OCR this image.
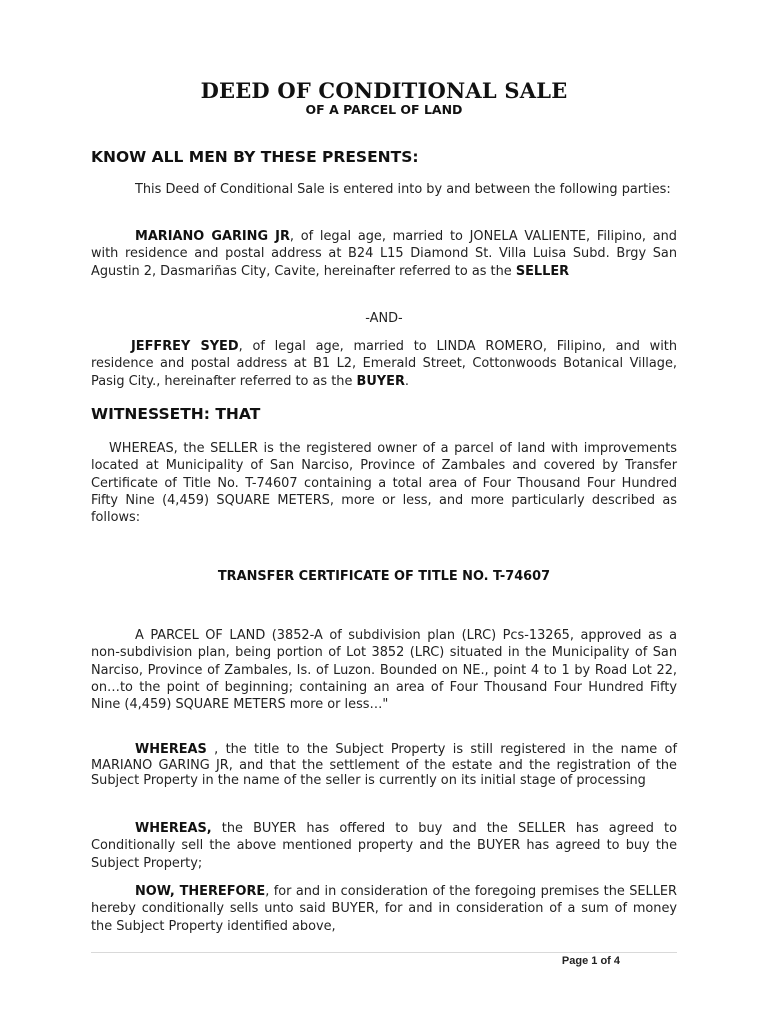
DEED OF CONDITIONAL SALE
OF A PARCEL OF LAND
KNOW ALL MEN BY THESE PRESENTS:

This Deed of Conditional Sale is entered into by and between the following parties:

MARIANO GARING JR, of legal age, married to JONELA VALIENTE, Filipino, and with residence and postal address at B24 L15 Diamond St. Villa Luisa Subd. Brgy San Agustin 2, Dasmariñas City, Cavite, hereinafter referred to as the SELLER

-AND-

JEFFREY SYED, of legal age, married to LINDA ROMERO, Filipino, and with residence and postal address at B1 L2, Emerald Street, Cottonwoods Botanical Village, Pasig City., hereinafter referred to as the BUYER.

WITNESSETH: THAT

WHEREAS, the SELLER is the registered owner of a parcel of land with improvements located at Municipality of San Narciso, Province of Zambales and covered by Transfer Certificate of Title No. T-74607 containing a total area of Four Thousand Four Hundred Fifty Nine (4,459) SQUARE METERS, more or less, and more particularly described as follows:

TRANSFER CERTIFICATE OF TITLE NO. T-74607

A PARCEL OF LAND (3852-A of subdivision plan (LRC) Pcs-13265, approved as a non-subdivision plan, being portion of Lot 3852 (LRC) situated in the Municipality of San Narciso, Province of Zambales, Is. of Luzon. Bounded on NE., point 4 to 1 by Road Lot 22, on…to the point of beginning; containing an area of Four Thousand Four Hundred Fifty Nine (4,459) SQUARE METERS more or less…"

WHEREAS , the title to the Subject Property is still registered in the name of MARIANO GARING JR, and that the settlement of the estate and the registration of the Subject Property in the name of the seller is currently on its initial stage of processing

WHEREAS, the BUYER has offered to buy and the SELLER has agreed to Conditionally sell the above mentioned property and the BUYER has agreed to buy the Subject Property;

NOW, THEREFORE, for and in consideration of the foregoing premises the SELLER hereby conditionally sells unto said BUYER, for and in consideration of a sum of money the Subject Property identified above,

Page 1 of 4
